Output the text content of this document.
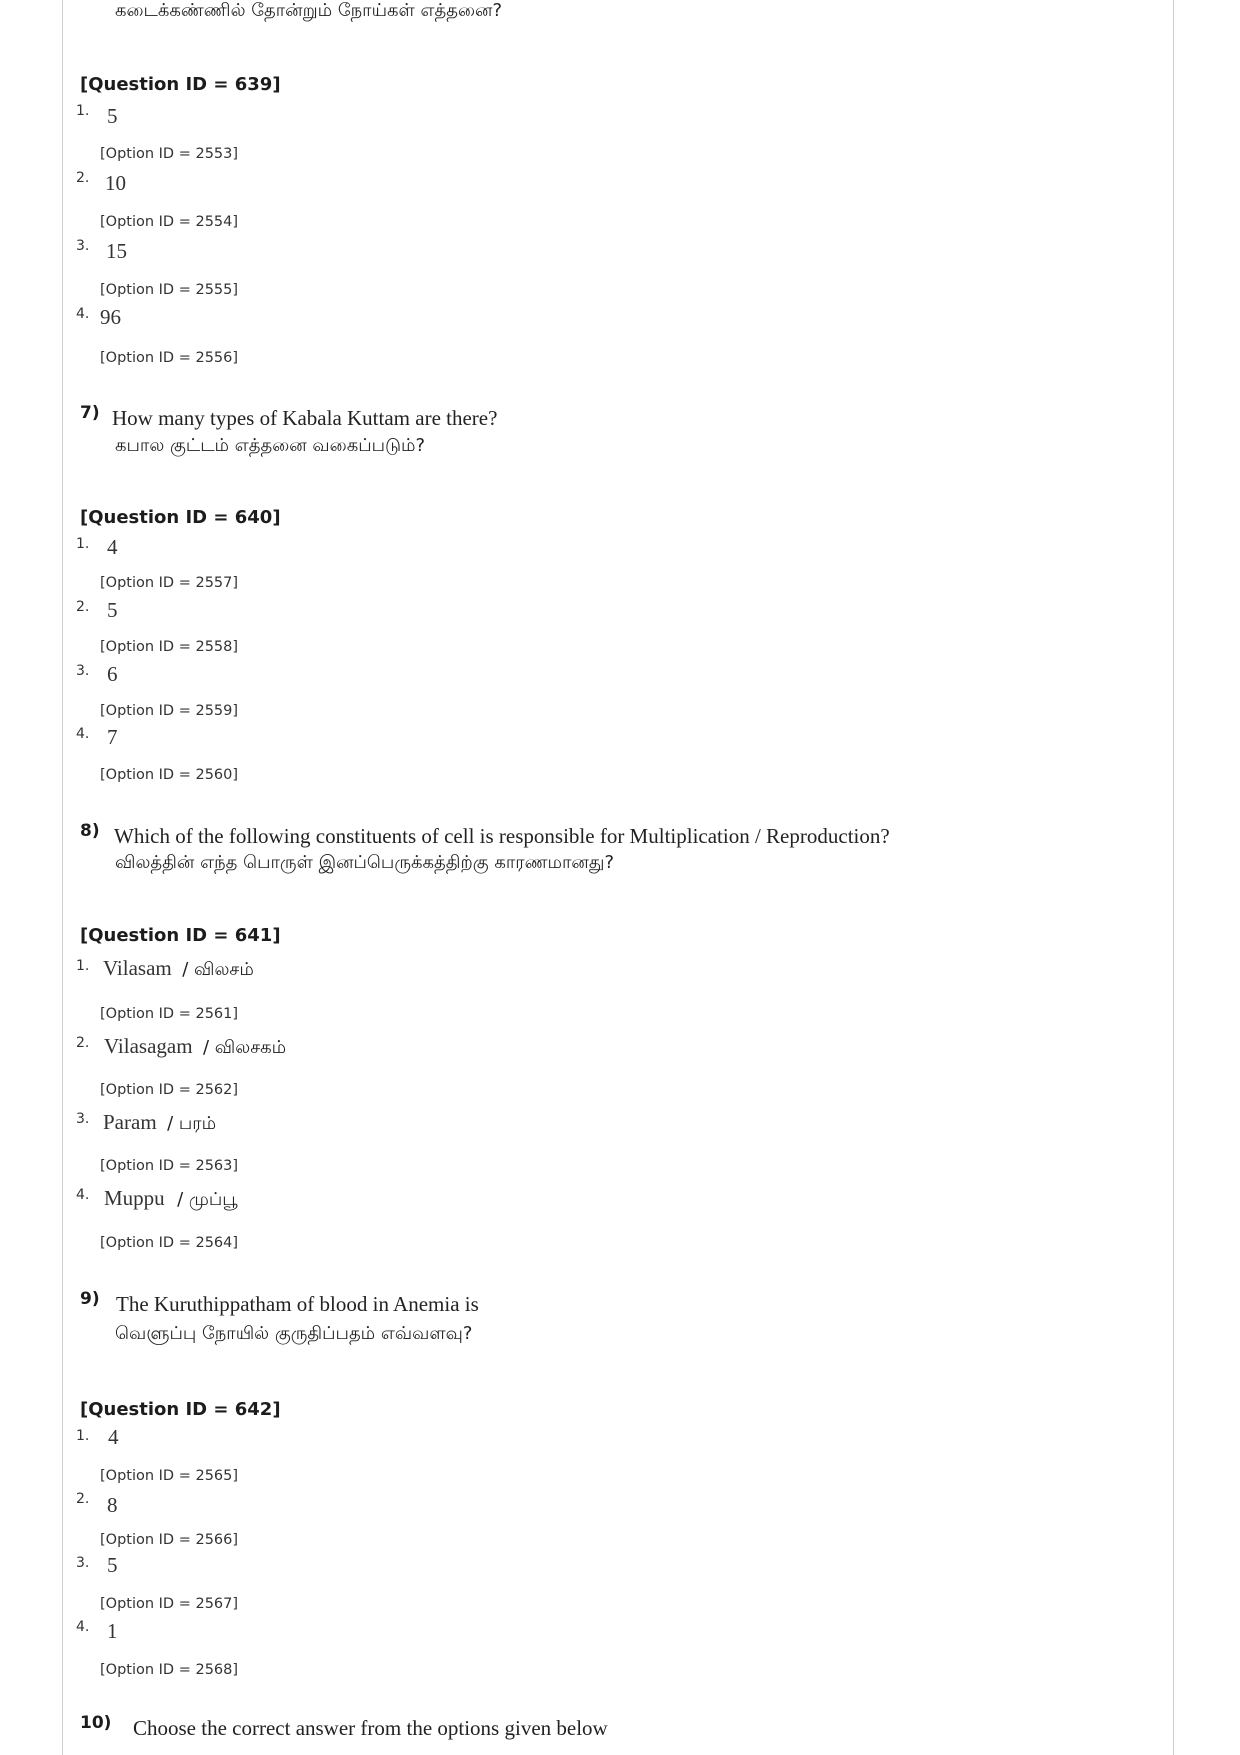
கடைக்கண்ணில் தோன்றும் நோய்கள் எத்தனை?
[Question ID = 639]
1. 5
[Option ID = 2553]
2. 10
[Option ID = 2554]
3. 15
[Option ID = 2555]
4. 96
[Option ID = 2556]
7) How many types of Kabala Kuttam are there?
கபால குட்டம் எத்தனை வகைப்படும்?
[Question ID = 640]
1. 4
[Option ID = 2557]
2. 5
[Option ID = 2558]
3. 6
[Option ID = 2559]
4. 7
[Option ID = 2560]
8) Which of the following constituents of cell is responsible for Multiplication / Reproduction?
விலத்தின் எந்த பொருள் இனப்பெருக்கத்திற்கு காரணமானது?
[Question ID = 641]
1. Vilasam / விலசம்
[Option ID = 2561]
2. Vilasagam / விலசகம்
[Option ID = 2562]
3. Param / பரம்
[Option ID = 2563]
4. Muppu / முப்பூ
[Option ID = 2564]
9) The Kuruthippatham of blood in Anemia is
வெளுப்பு நோயில் குருதிப்பதம் எவ்வளவு?
[Question ID = 642]
1. 4
[Option ID = 2565]
2. 8
[Option ID = 2566]
3. 5
[Option ID = 2567]
4. 1
[Option ID = 2568]
10) Choose the correct answer from the options given below
